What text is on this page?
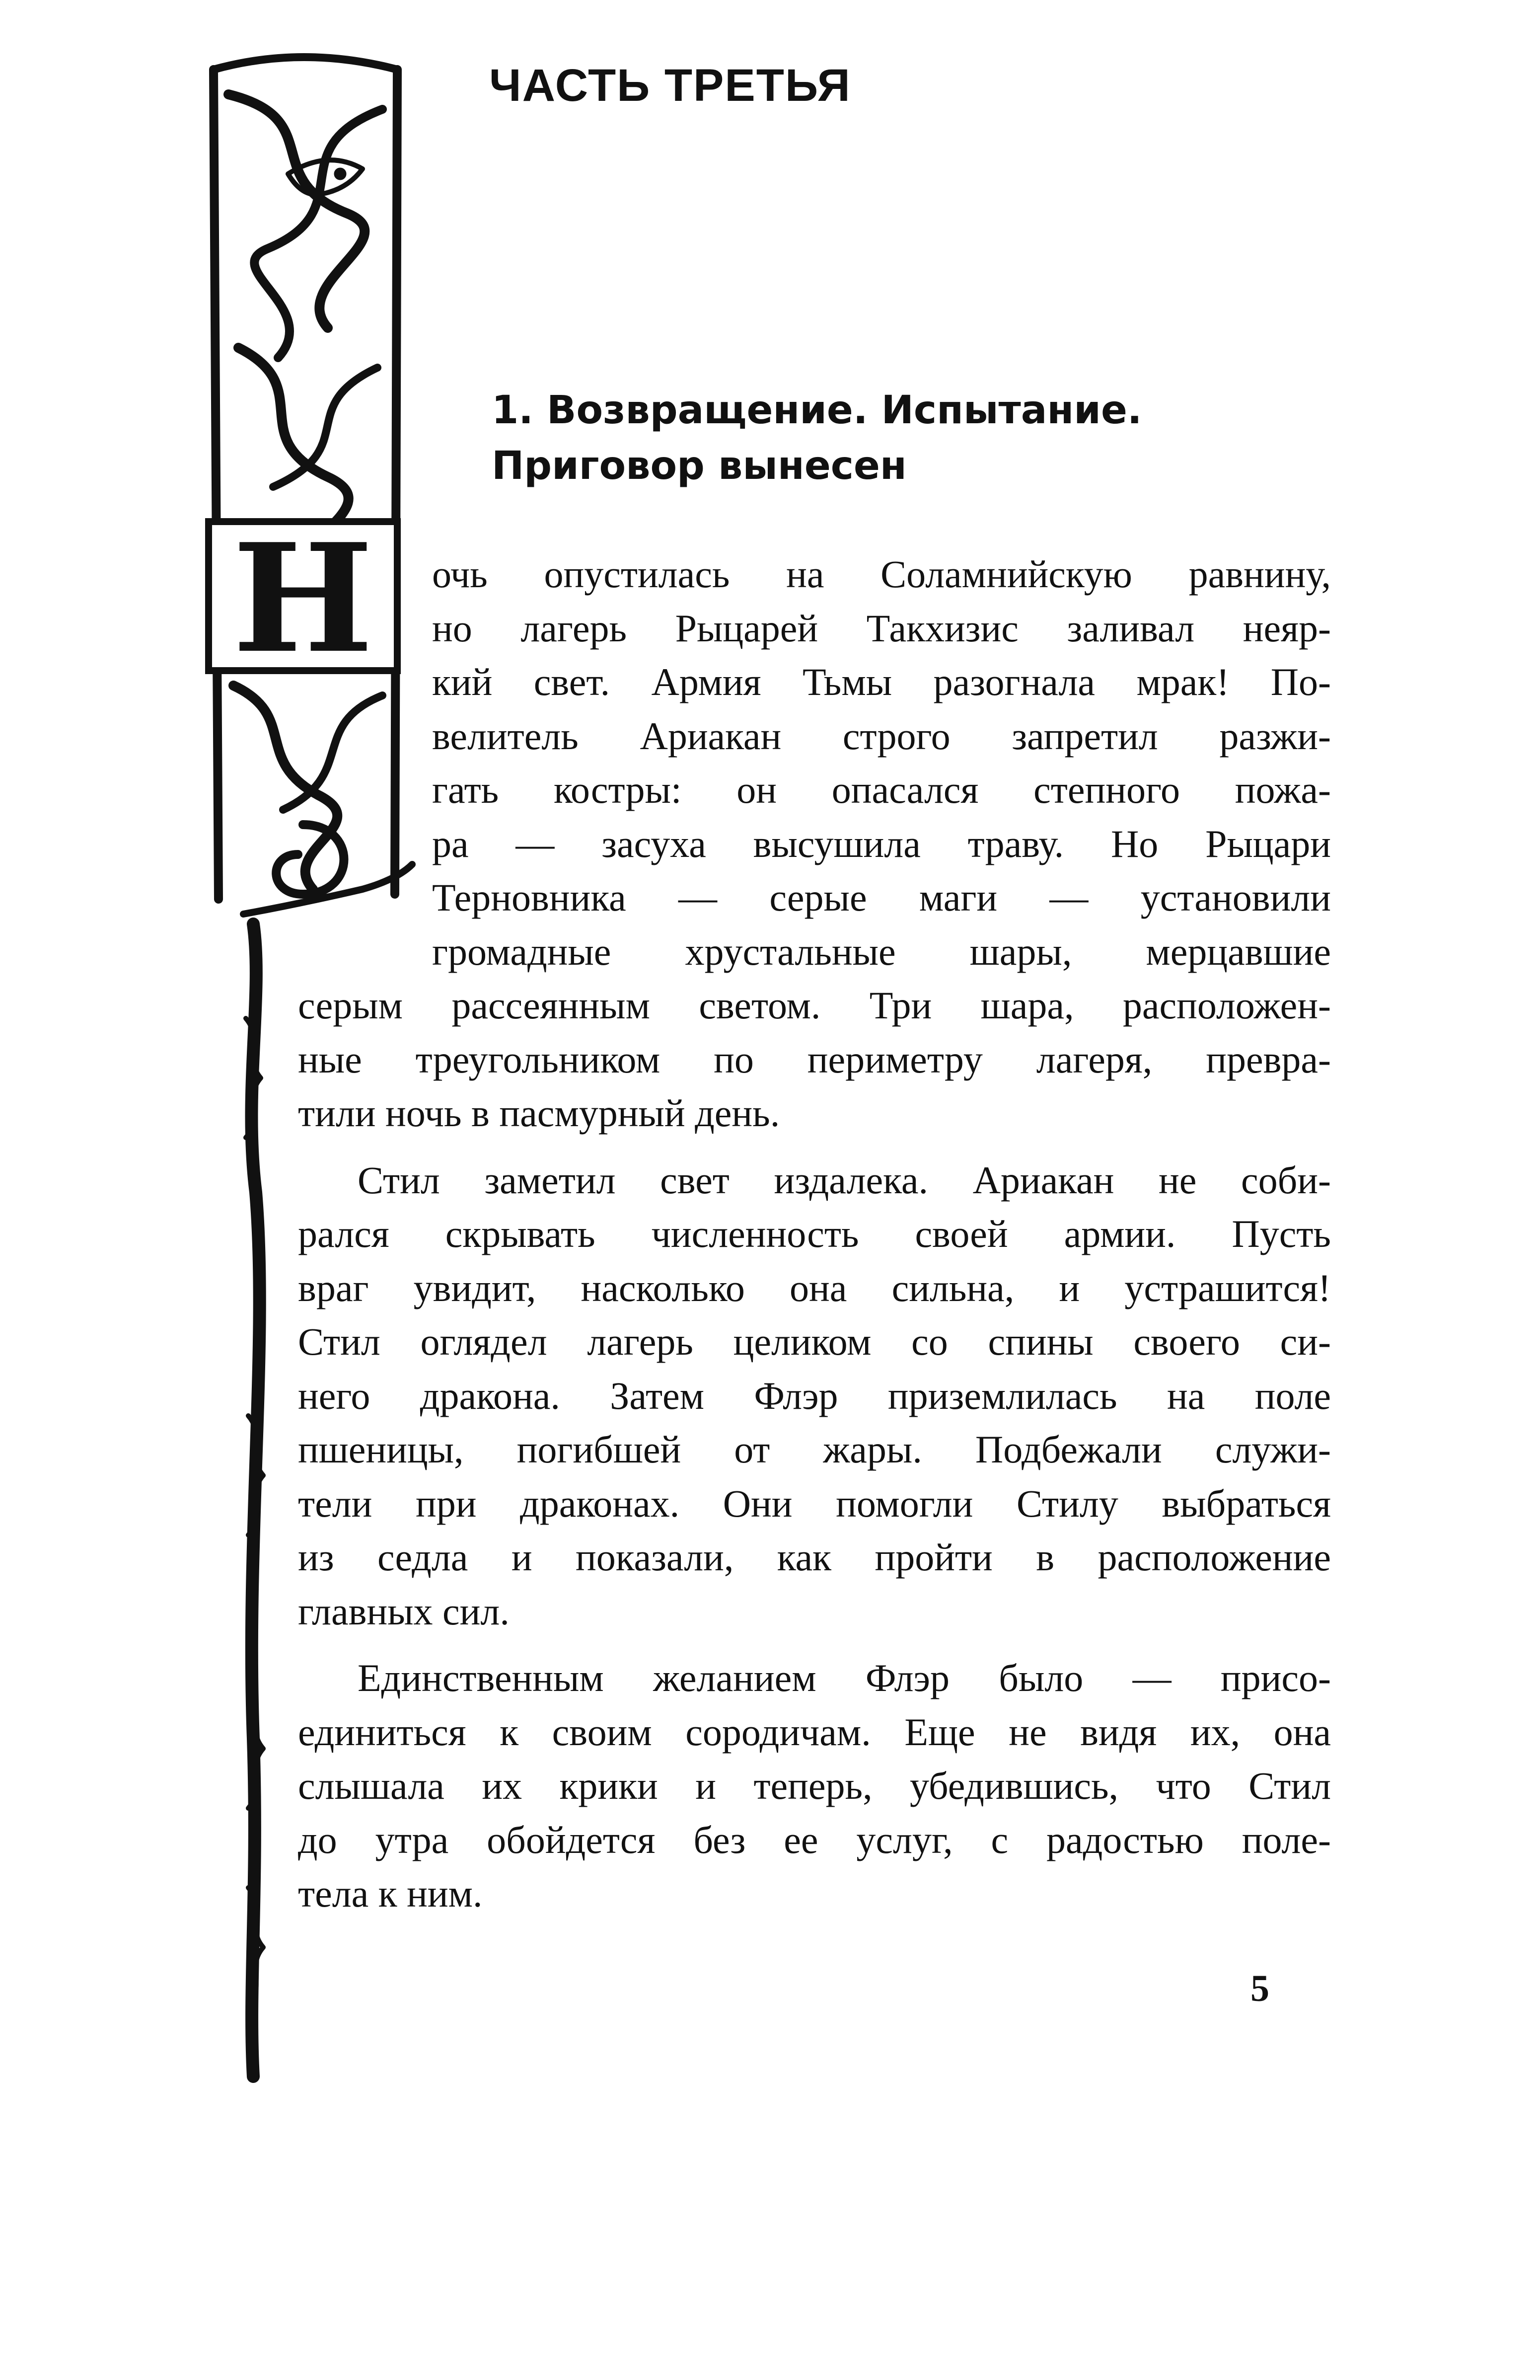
ЧАСТЬ ТРЕТЬЯ
1. Возвращение. Испытание.
Приговор вынесен
Н	очь опустилась на Соламнийскую равнину,
но лагерь Рыцарей Такхизис заливал неяр-
кий свет. Армия Тьмы разогнала мрак! По-
велитель Ариакан строго запретил разжи-
гать костры: он опасался степного пожа-
ра — засуха высушила траву. Но Рыцари
Терновника — серые маги — установили
громадные хрустальные шары, мерцавшие
серым рассеянным светом. Три шара, расположен-
ные треугольником по периметру лагеря, превра-
тили ночь в пасмурный день.
Стил заметил свет издалека. Ариакан не соби-
рался скрывать численность своей армии. Пусть
враг увидит, насколько она сильна, и устрашится!
Стил оглядел лагерь целиком со спины своего си-
него дракона. Затем Флэр приземлилась на поле
пшеницы, погибшей от жары. Подбежали служи-
тели при драконах. Они помогли Стилу выбраться
из седла и показали, как пройти в расположение
главных сил.
Единственным желанием Флэр было — присо-
единиться к своим сородичам. Еще не видя их, она
слышала их крики и теперь, убедившись, что Стил
до утра обойдется без ее услуг, с радостью поле-
тела к ним.

5
